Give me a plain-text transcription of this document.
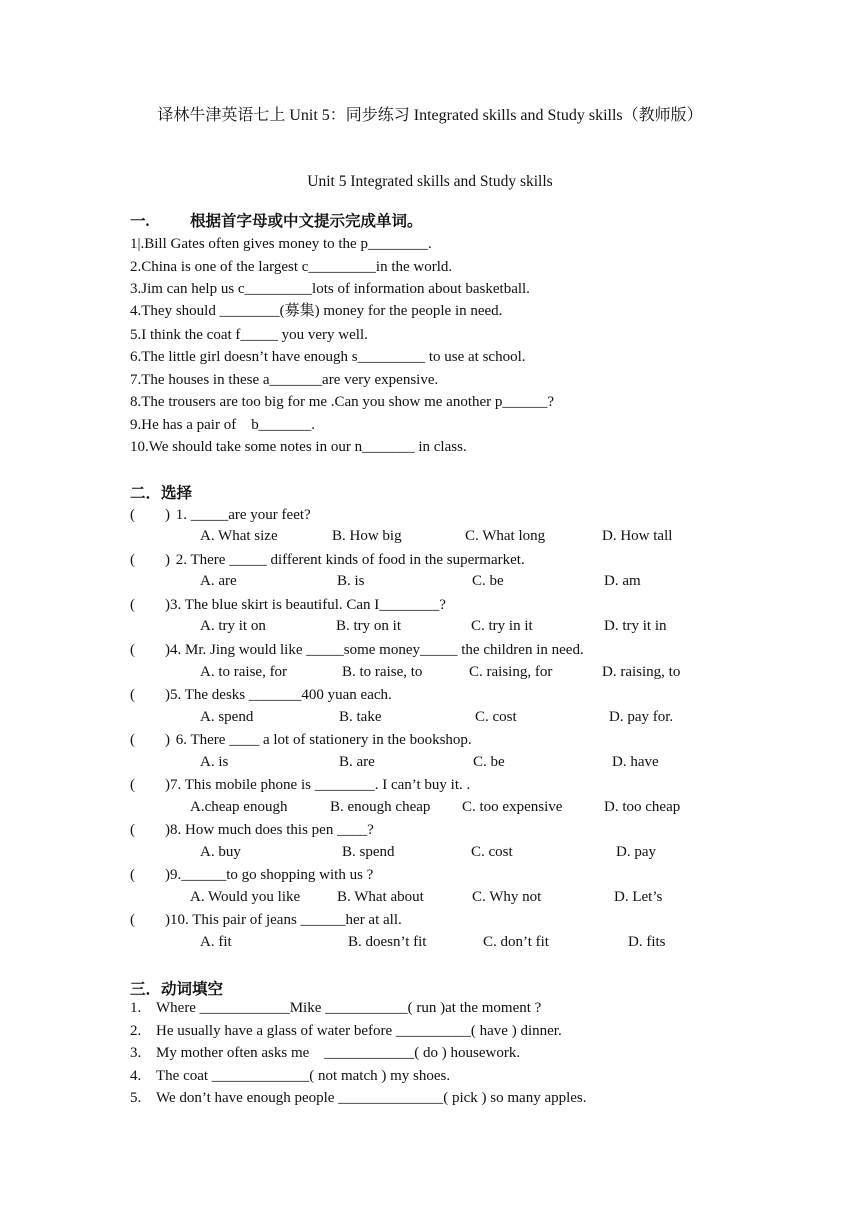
译林牛津英语七上 Unit 5：同步练习 Integrated skills and Study skills（教师版）
Unit 5 Integrated skills and Study skills
一.	根据首字母或中文提示完成单词。
1|.Bill Gates often gives money to the p________.
2.China is one of the largest c_________in the world.
3.Jim can help us c_________lots of information about basketball.
4.They should ________(募集) money for the people in need.
5.I think the coat f_____ you very well.
6.The little girl doesn’t have enough s_________ to use at school.
7.The houses in these a_______are very expensive.
8.The trousers are too big for me .Can you show me another p______?
9.He has a pair of    b_______.
10.We should take some notes in our n_______ in class.
二．选择
(        ) 1. _____are your feet?
A. What size	B. How big	C. What long	D. How tall
(        ) 2. There _____ different kinds of food in the supermarket.
A. are	B. is	C. be	D. am
(        )3. The blue skirt is beautiful. Can I________?
A. try it on	B. try on it	C. try in it	D. try it in
(        )4. Mr. Jing would like _____some money_____ the children in need.
A. to raise, for	B. to raise, to	C. raising, for	D. raising, to
(        )5. The desks _______400 yuan each.
A. spend	B. take	C. cost	D. pay for.
(        ) 6. There ____ a lot of stationery in the bookshop.
A. is	B. are	C. be	D. have
(        )7. This mobile phone is ________. I can’t buy it. .
A.cheap enough	B. enough cheap C. too expensive	D. too cheap
(        )8. How much does this pen ____?
A. buy	B. spend	C. cost	D. pay
(        )9.______to go shopping with us ?
A. Would you like B. What about	C. Why not	D. Let’s
(        )10. This pair of jeans ______her at all.
A. fit	B. doesn’t fit	C. don’t fit	D. fits
三．动词填空
1. Where ____________Mike ___________( run )at the moment ?
2. He usually have a glass of water before __________( have ) dinner.
3. My mother often asks me    ____________( do ) housework.
4. The coat _____________( not match ) my shoes.
5. We don’t have enough people ______________( pick ) so many apples.
